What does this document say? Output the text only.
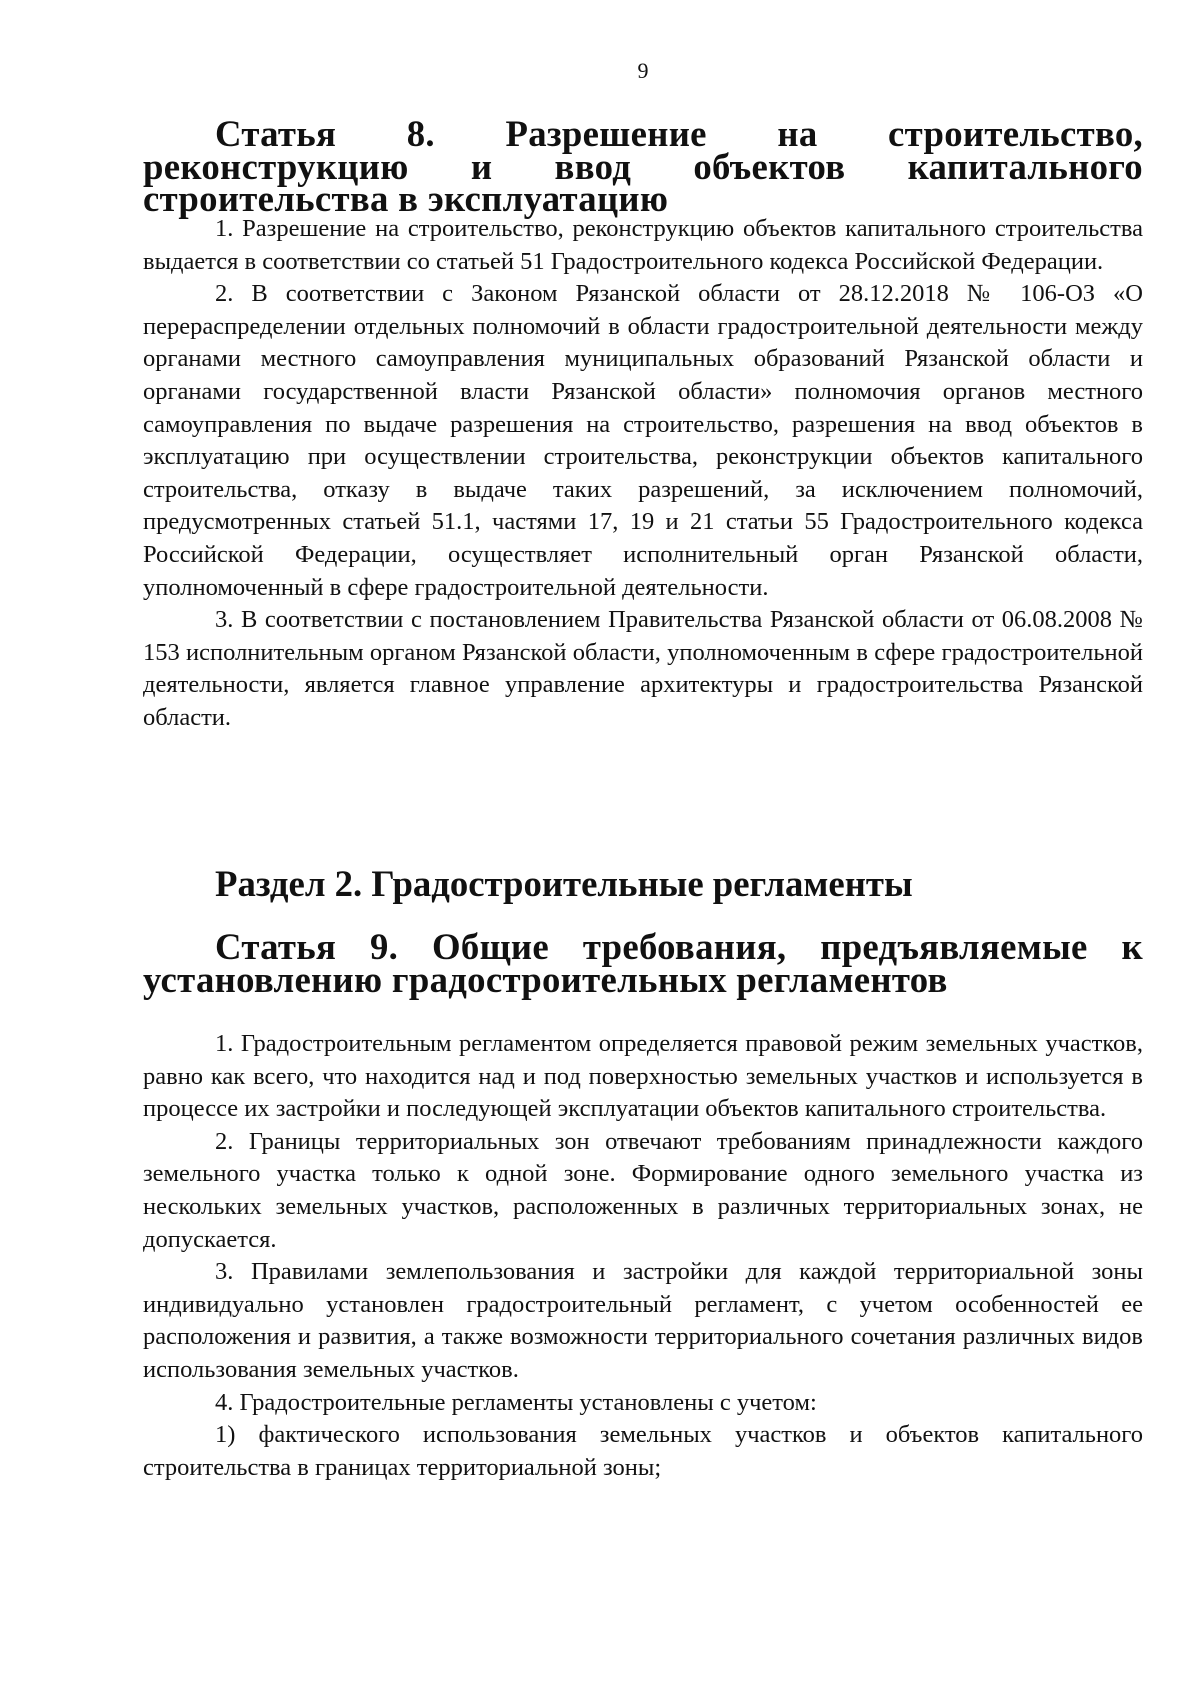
9
Статья 8. Разрешение на строительство, реконструкцию и ввод объектов капитального строительства в эксплуатацию

1. Разрешение на строительство, реконструкцию объектов капитального строительства выдается в соответствии со статьей 51 Градостроительного кодекса Российской Федерации.

2. В соответствии с Законом Рязанской области от 28.12.2018 № 106-ОЗ «О перераспределении отдельных полномочий в области градостроительной деятельности между органами местного самоуправления муниципальных образований Рязанской области и органами государственной власти Рязанской области» полномочия органов местного самоуправления по выдаче разрешения на строительство, разрешения на ввод объектов в эксплуатацию при осуществлении строительства, реконструкции объектов капитального строительства, отказу в выдаче таких разрешений, за исключением полномочий, предусмотренных статьей 51.1, частями 17, 19 и 21 статьи 55 Градостроительного кодекса Российской Федерации, осуществляет исполнительный орган Рязанской области, уполномоченный в сфере градостроительной деятельности.

3. В соответствии с постановлением Правительства Рязанской области от 06.08.2008 № 153 исполнительным органом Рязанской области, уполномоченным в сфере градостроительной деятельности, является главное управление архитектуры и градостроительства Рязанской области.

Раздел 2. Градостроительные регламенты
Статья 9. Общие требования, предъявляемые к установлению градостроительных регламентов

1. Градостроительным регламентом определяется правовой режим земельных участков, равно как всего, что находится над и под поверхностью земельных участков и используется в процессе их застройки и последующей эксплуатации объектов капитального строительства.

2. Границы территориальных зон отвечают требованиям принадлежности каждого земельного участка только к одной зоне. Формирование одного земельного участка из нескольких земельных участков, расположенных в различных территориальных зонах, не допускается.

3. Правилами землепользования и застройки для каждой территориальной зоны индивидуально установлен градостроительный регламент, с учетом особенностей ее расположения и развития, а также возможности территориального сочетания различных видов использования земельных участков.

4. Градостроительные регламенты установлены с учетом:

1) фактического использования земельных участков и объектов капитального строительства в границах территориальной зоны;
